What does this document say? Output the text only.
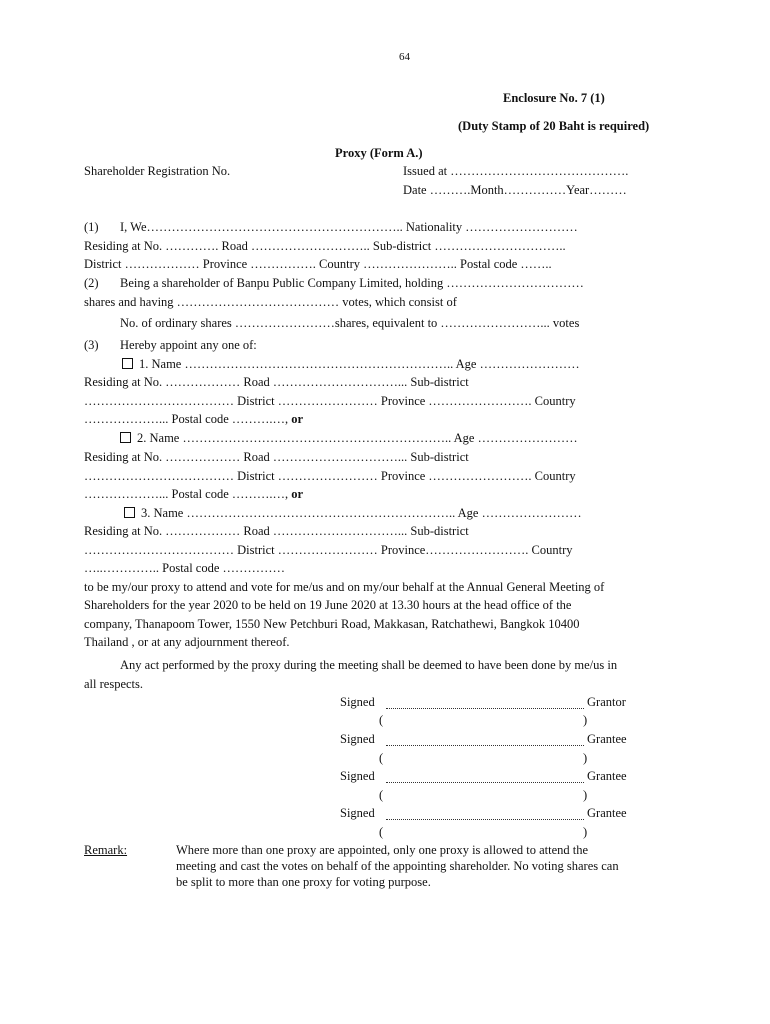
64
Enclosure No. 7 (1)
(Duty Stamp of 20 Baht is required)
Proxy (Form A.)
Shareholder Registration No.	Issued at …………………………………….
Date ……….Month……………Year………
(1) I, We…………………………………………………….. Nationality ………………………
Residing at No. …………. Road ……………………….. Sub-district …………………………..
District ……………… Province ……………. Country ………………….. Postal code ……..
(2) Being a shareholder of Banpu Public Company Limited, holding ……………………………
shares and having ………………………………… votes, which consist of
No. of ordinary shares ……………………shares, equivalent to ……………………... votes
(3) Hereby appoint any one of:
1. Name ……………………………………………………….. Age ……………………
Residing at No. ……………… Road …………………………... Sub-district
……………………………… District …………………… Province ……………………. Country
………………... Postal code ……….…, or
2. Name ……………………………………………………….. Age ……………………
Residing at No. ……………… Road …………………………... Sub-district
……………………………… District …………………… Province ……………………. Country
………………... Postal code ……….…, or
3. Name ……………………………………………………….. Age ……………………
Residing at No. ……………… Road …………………………... Sub-district
……………………………… District …………………… Province……………………. Country
…..………….. Postal code ……………
to be my/our proxy to attend and vote for me/us and on my/our behalf at the Annual General Meeting of
Shareholders for the year 2020 to be held on 19 June 2020 at 13.30 hours at the head office of the
company, Thanapoom Tower, 1550 New Petchburi Road, Makkasan, Ratchathewi, Bangkok 10400
Thailand , or at any adjournment thereof.
Any act performed by the proxy during the meeting shall be deemed to have been done by me/us in
all respects.
Signed	Grantor
(	)
Signed	Grantee
(	)
Signed	Grantee
(	)
Signed	Grantee
(	)
Remark:	Where more than one proxy are appointed, only one proxy is allowed to attend the
meeting and cast the votes on behalf of the appointing shareholder. No voting shares can
be split to more than one proxy for voting purpose.
